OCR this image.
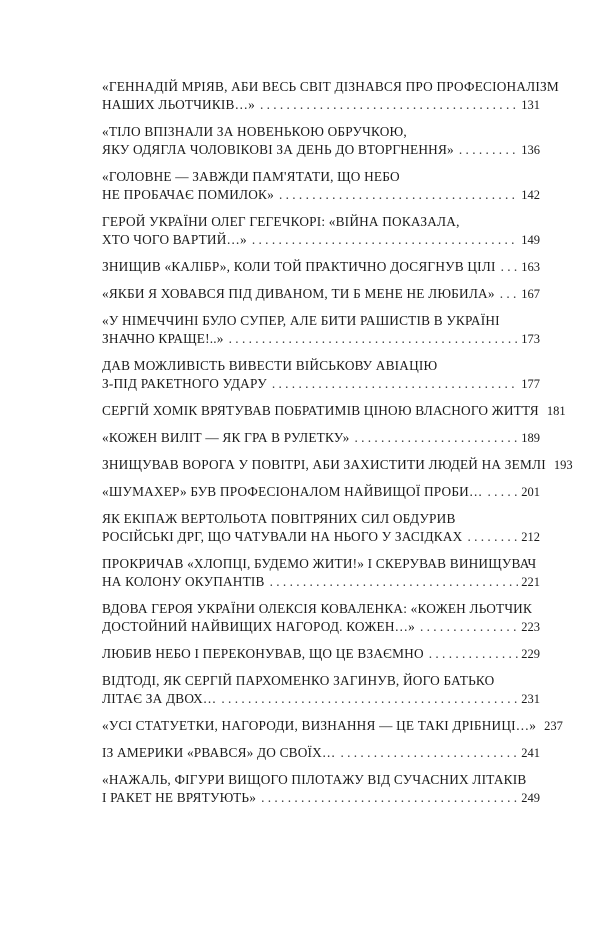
«ГЕННАДІЙ МРІЯВ, АБИ ВЕСЬ СВІТ ДІЗНАВСЯ ПРО ПРОФЕСІОНАЛІЗМ
НАШИХ ЛЬОТЧИКІВ…» . . .	131
«ТІЛО ВПІЗНАЛИ ЗА НОВЕНЬКОЮ ОБРУЧКОЮ,
ЯКУ ОДЯГЛА ЧОЛОВІКОВІ ЗА ДЕНЬ ДО ВТОРГНЕННЯ» . . .	136
«ГОЛОВНЕ — ЗАВЖДИ ПАМ'ЯТАТИ, ЩО НЕБО
НЕ ПРОБАЧАЄ ПОМИЛОК» . . .	142
ГЕРОЙ УКРАЇНИ ОЛЕГ ГЕГЕЧКОРІ: «ВІЙНА ПОКАЗАЛА,
ХТО ЧОГО ВАРТИЙ…» . . .	149
ЗНИЩИВ «КАЛІБР», КОЛИ ТОЙ ПРАКТИЧНО ДОСЯГНУВ ЦІЛІ . . . 163
«ЯКБИ Я ХОВАВСЯ ПІД ДИВАНОМ, ТИ Б МЕНЕ НЕ ЛЮБИЛА» . . . 167
«У НІМЕЧЧИНІ БУЛО СУПЕР, АЛЕ БИТИ РАШИСТІВ В УКРАЇНІ
ЗНАЧНО КРАЩЕ!..» . . .	173
ДАВ МОЖЛИВІСТЬ ВИВЕСТИ ВІЙСЬКОВУ АВІАЦІЮ
З-ПІД РАКЕТНОГО УДАРУ . . .	177
СЕРГІЙ ХОМІК ВРЯТУВАВ ПОБРАТИМІВ ЦІНОЮ ВЛАСНОГО ЖИТТЯ 181
«КОЖЕН ВИЛІТ — ЯК ГРА В РУЛЕТКУ» . . .	189
ЗНИЩУВАВ ВОРОГА У ПОВІТРІ, АБИ ЗАХИСТИТИ ЛЮДЕЙ НА ЗЕМЛІ 193
«ШУМАХЕР» БУВ ПРОФЕСІОНАЛОМ НАЙВИЩОЇ ПРОБИ… . . .	201
ЯК ЕКІПАЖ ВЕРТОЛЬОТА ПОВІТРЯНИХ СИЛ ОБДУРИВ
РОСІЙСЬКІ ДРГ, ЩО ЧАТУВАЛИ НА НЬОГО У ЗАСІДКАХ . . .	212
ПРОКРИЧАВ «ХЛОПЦІ, БУДЕМО ЖИТИ!» І СКЕРУВАВ ВИНИЩУВАЧ
НА КОЛОНУ ОКУПАНТІВ . . .	221
ВДОВА ГЕРОЯ УКРАЇНИ ОЛЕКСІЯ КОВАЛЕНКА: «КОЖЕН ЛЬОТЧИК
ДОСТОЙНИЙ НАЙВИЩИХ НАГОРОД. КОЖЕН…» . . .	223
ЛЮБИВ НЕБО І ПЕРЕКОНУВАВ, ЩО ЦЕ ВЗАЄМНО . . .	229
ВІДТОДІ, ЯК СЕРГІЙ ПАРХОМЕНКО ЗАГИНУВ, ЙОГО БАТЬКО
ЛІТАЄ ЗА ДВОХ… . . .	231
«УСІ СТАТУЕТКИ, НАГОРОДИ, ВИЗНАННЯ — ЦЕ ТАКІ ДРІБНИЦІ…» 237
ІЗ АМЕРИКИ «РВАВСЯ» ДО СВОЇХ… . . .	241
«НАЖАЛЬ, ФІГУРИ ВИЩОГО ПІЛОТАЖУ ВІД СУЧАСНИХ ЛІТАКІВ
І РАКЕТ НЕ ВРЯТУЮТЬ» . . .	249
